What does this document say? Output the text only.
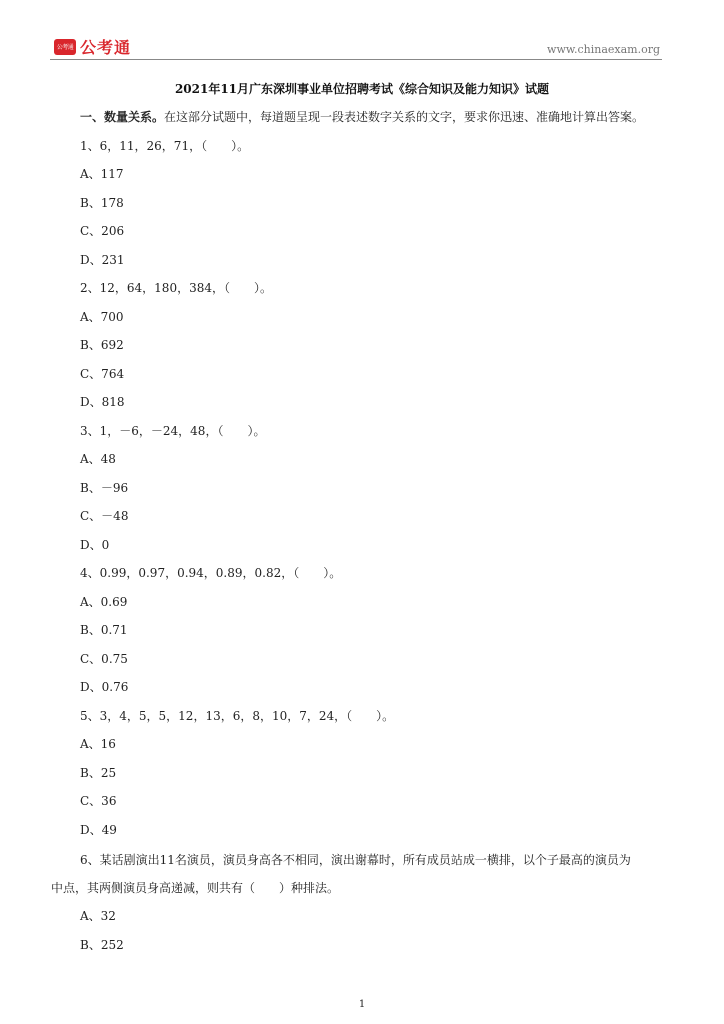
公考通 公考通	www.chinaexam.org
2021年11月广东深圳事业单位招聘考试《综合知识及能力知识》试题
一、数量关系。在这部分试题中，每道题呈现一段表述数字关系的文字，要求你迅速、准确地计算出答案。
1、6，11，26，71，（　　）。
A、117
B、178
C、206
D、231
2、12，64，180，384，（　　）。
A、700
B、692
C、764
D、818
3、1，－6，－24，48，（　　）。
A、48
B、－96
C、－48
D、0
4、0.99，0.97，0.94，0.89，0.82，（　　）。
A、0.69
B、0.71
C、0.75
D、0.76
5、3，4，5，5，12，13，6，8，10，7，24，（　　）。
A、16
B、25
C、36
D、49
6、某话剧演出11名演员，演员身高各不相同，演出谢幕时，所有成员站成一横排，以个子最高的演员为
中点，其两侧演员身高递减，则共有（　　）种排法。
A、32
B、252
1
